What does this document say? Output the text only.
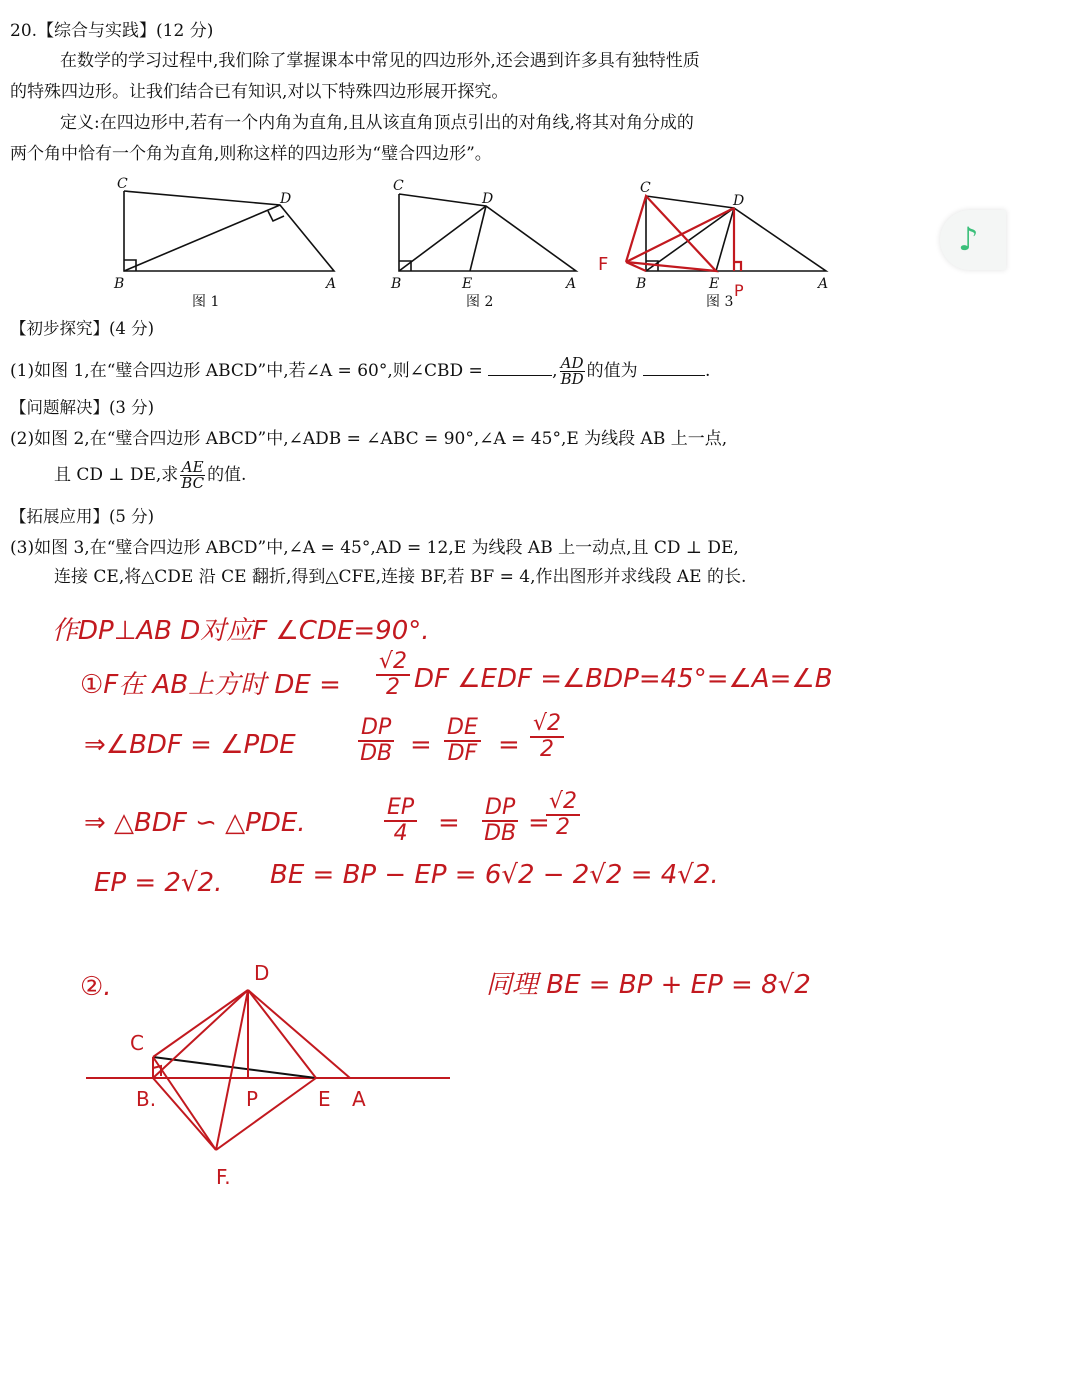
20.【综合与实践】(12 分)
在数学的学习过程中,我们除了掌握课本中常见的四边形外,还会遇到许多具有独特性质
的特殊四边形。让我们结合已有知识,对以下特殊四边形展开探究。
定义:在四边形中,若有一个内角为直角,且从该直角顶点引出的对角线,将其对角分成的
两个角中恰有一个角为直角,则称这样的四边形为“璧合四边形”。
C
D
B	A
C
D
B	E	A
C
D
B	E	A
F
P
D
C
B.	P	E A
F.
图 1	图 2	图 3
♪
【初步探究】(4 分)
(1)如图 1,在“璧合四边形 ABCD”中,若∠A = 60°,则∠CBD =	, $\frac{AD}{BD}$ 的值为	.
【问题解决】(3 分)
(2)如图 2,在“璧合四边形 ABCD”中,∠ADB = ∠ABC = 90°,∠A = 45°,E 为线段 AB 上一点,
且 CD ⊥ DE,求 $\frac{AE}{BC}$ 的值.
【拓展应用】(5 分)
(3)如图 3,在“璧合四边形 ABCD”中,∠A = 45°,AD = 12,E 为线段 AB 上一动点,且 CD ⊥ DE,
连接 CE,将△CDE 沿 CE 翻折,得到△CFE,连接 BF,若 BF = 4,作出图形并求线段 AE 的长.
作DP⊥AB D对应F ∠CDE=90°.
①F在 AB上方时 DE =
√2
2 DF ∠EDF =∠BDP=45°=∠A=∠B
⇒∠BDF = ∠PDE
DP
DB =
DE
DF =
√2
2
⇒ △BDF ∽ △PDE.
EP
4	=
DP
DB =
√2
2
EP = 2√2. BE = BP − EP = 6√2 − 2√2 = 4√2.
②.	同理 BE = BP + EP = 8√2
